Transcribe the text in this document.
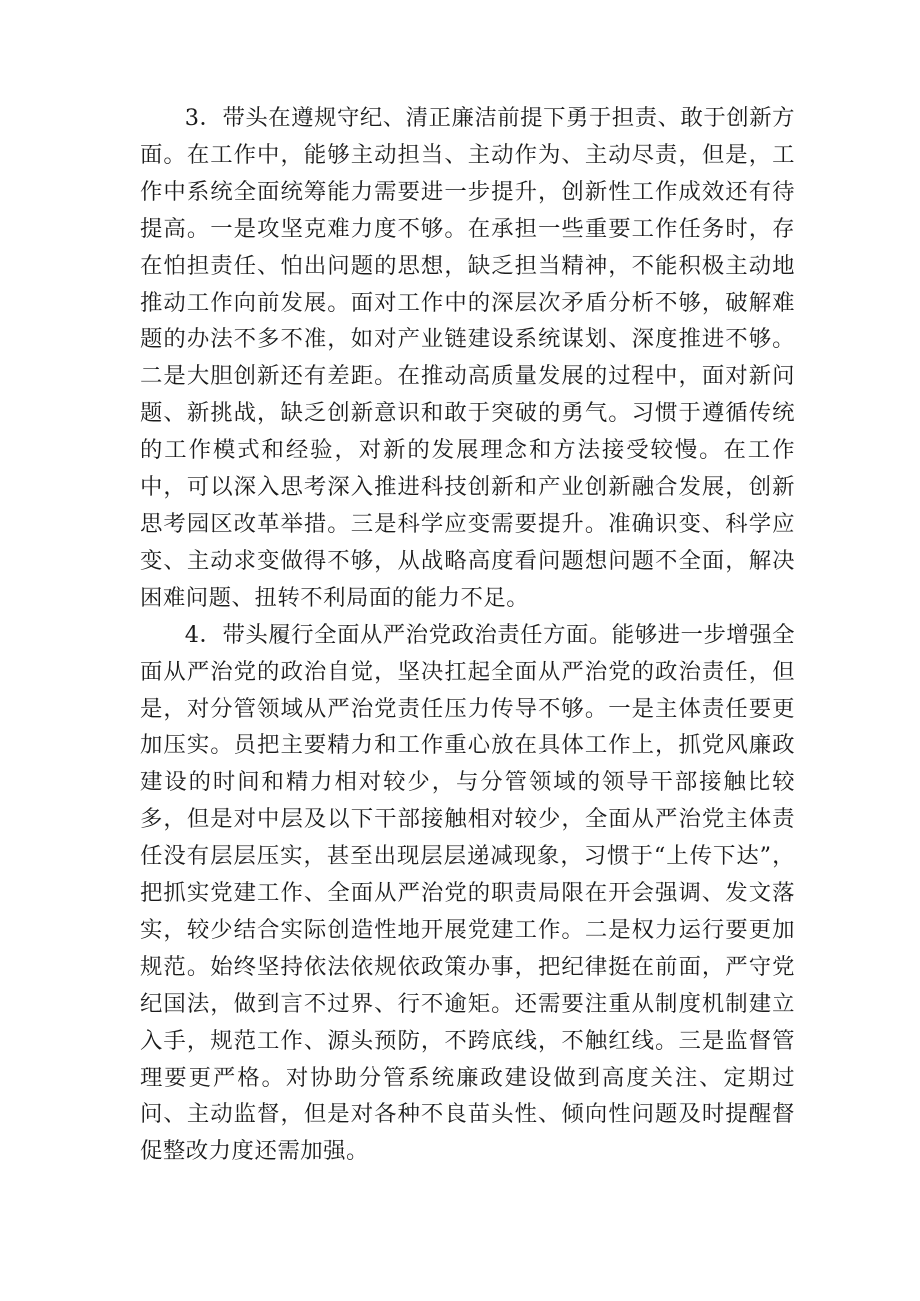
3．带头在遵规守纪、清正廉洁前提下勇于担责、敢于创新方面。在工作中，能够主动担当、主动作为、主动尽责，但是，工作中系统全面统筹能力需要进一步提升，创新性工作成效还有待提高。一是攻坚克难力度不够。在承担一些重要工作任务时，存在怕担责任、怕出问题的思想，缺乏担当精神，不能积极主动地推动工作向前发展。面对工作中的深层次矛盾分析不够，破解难题的办法不多不准，如对产业链建设系统谋划、深度推进不够。二是大胆创新还有差距。在推动高质量发展的过程中，面对新问题、新挑战，缺乏创新意识和敢于突破的勇气。习惯于遵循传统的工作模式和经验，对新的发展理念和方法接受较慢。在工作中，可以深入思考深入推进科技创新和产业创新融合发展，创新思考园区改革举措。三是科学应变需要提升。准确识变、科学应变、主动求变做得不够，从战略高度看问题想问题不全面，解决困难问题、扭转不利局面的能力不足。

4．带头履行全面从严治党政治责任方面。能够进一步增强全面从严治党的政治自觉，坚决扛起全面从严治党的政治责任，但是，对分管领域从严治党责任压力传导不够。一是主体责任要更加压实。员把主要精力和工作重心放在具体工作上，抓党风廉政建设的时间和精力相对较少，与分管领域的领导干部接触比较多，但是对中层及以下干部接触相对较少，全面从严治党主体责任没有层层压实，甚至出现层层递减现象，习惯于“上传下达”，把抓实党建工作、全面从严治党的职责局限在开会强调、发文落实，较少结合实际创造性地开展党建工作。二是权力运行要更加规范。始终坚持依法依规依政策办事，把纪律挺在前面，严守党纪国法，做到言不过界、行不逾矩。还需要注重从制度机制建立入手，规范工作、源头预防，不跨底线，不触红线。三是监督管理要更严格。对协助分管系统廉政建设做到高度关注、定期过问、主动监督，但是对各种不良苗头性、倾向性问题及时提醒督促整改力度还需加强。
